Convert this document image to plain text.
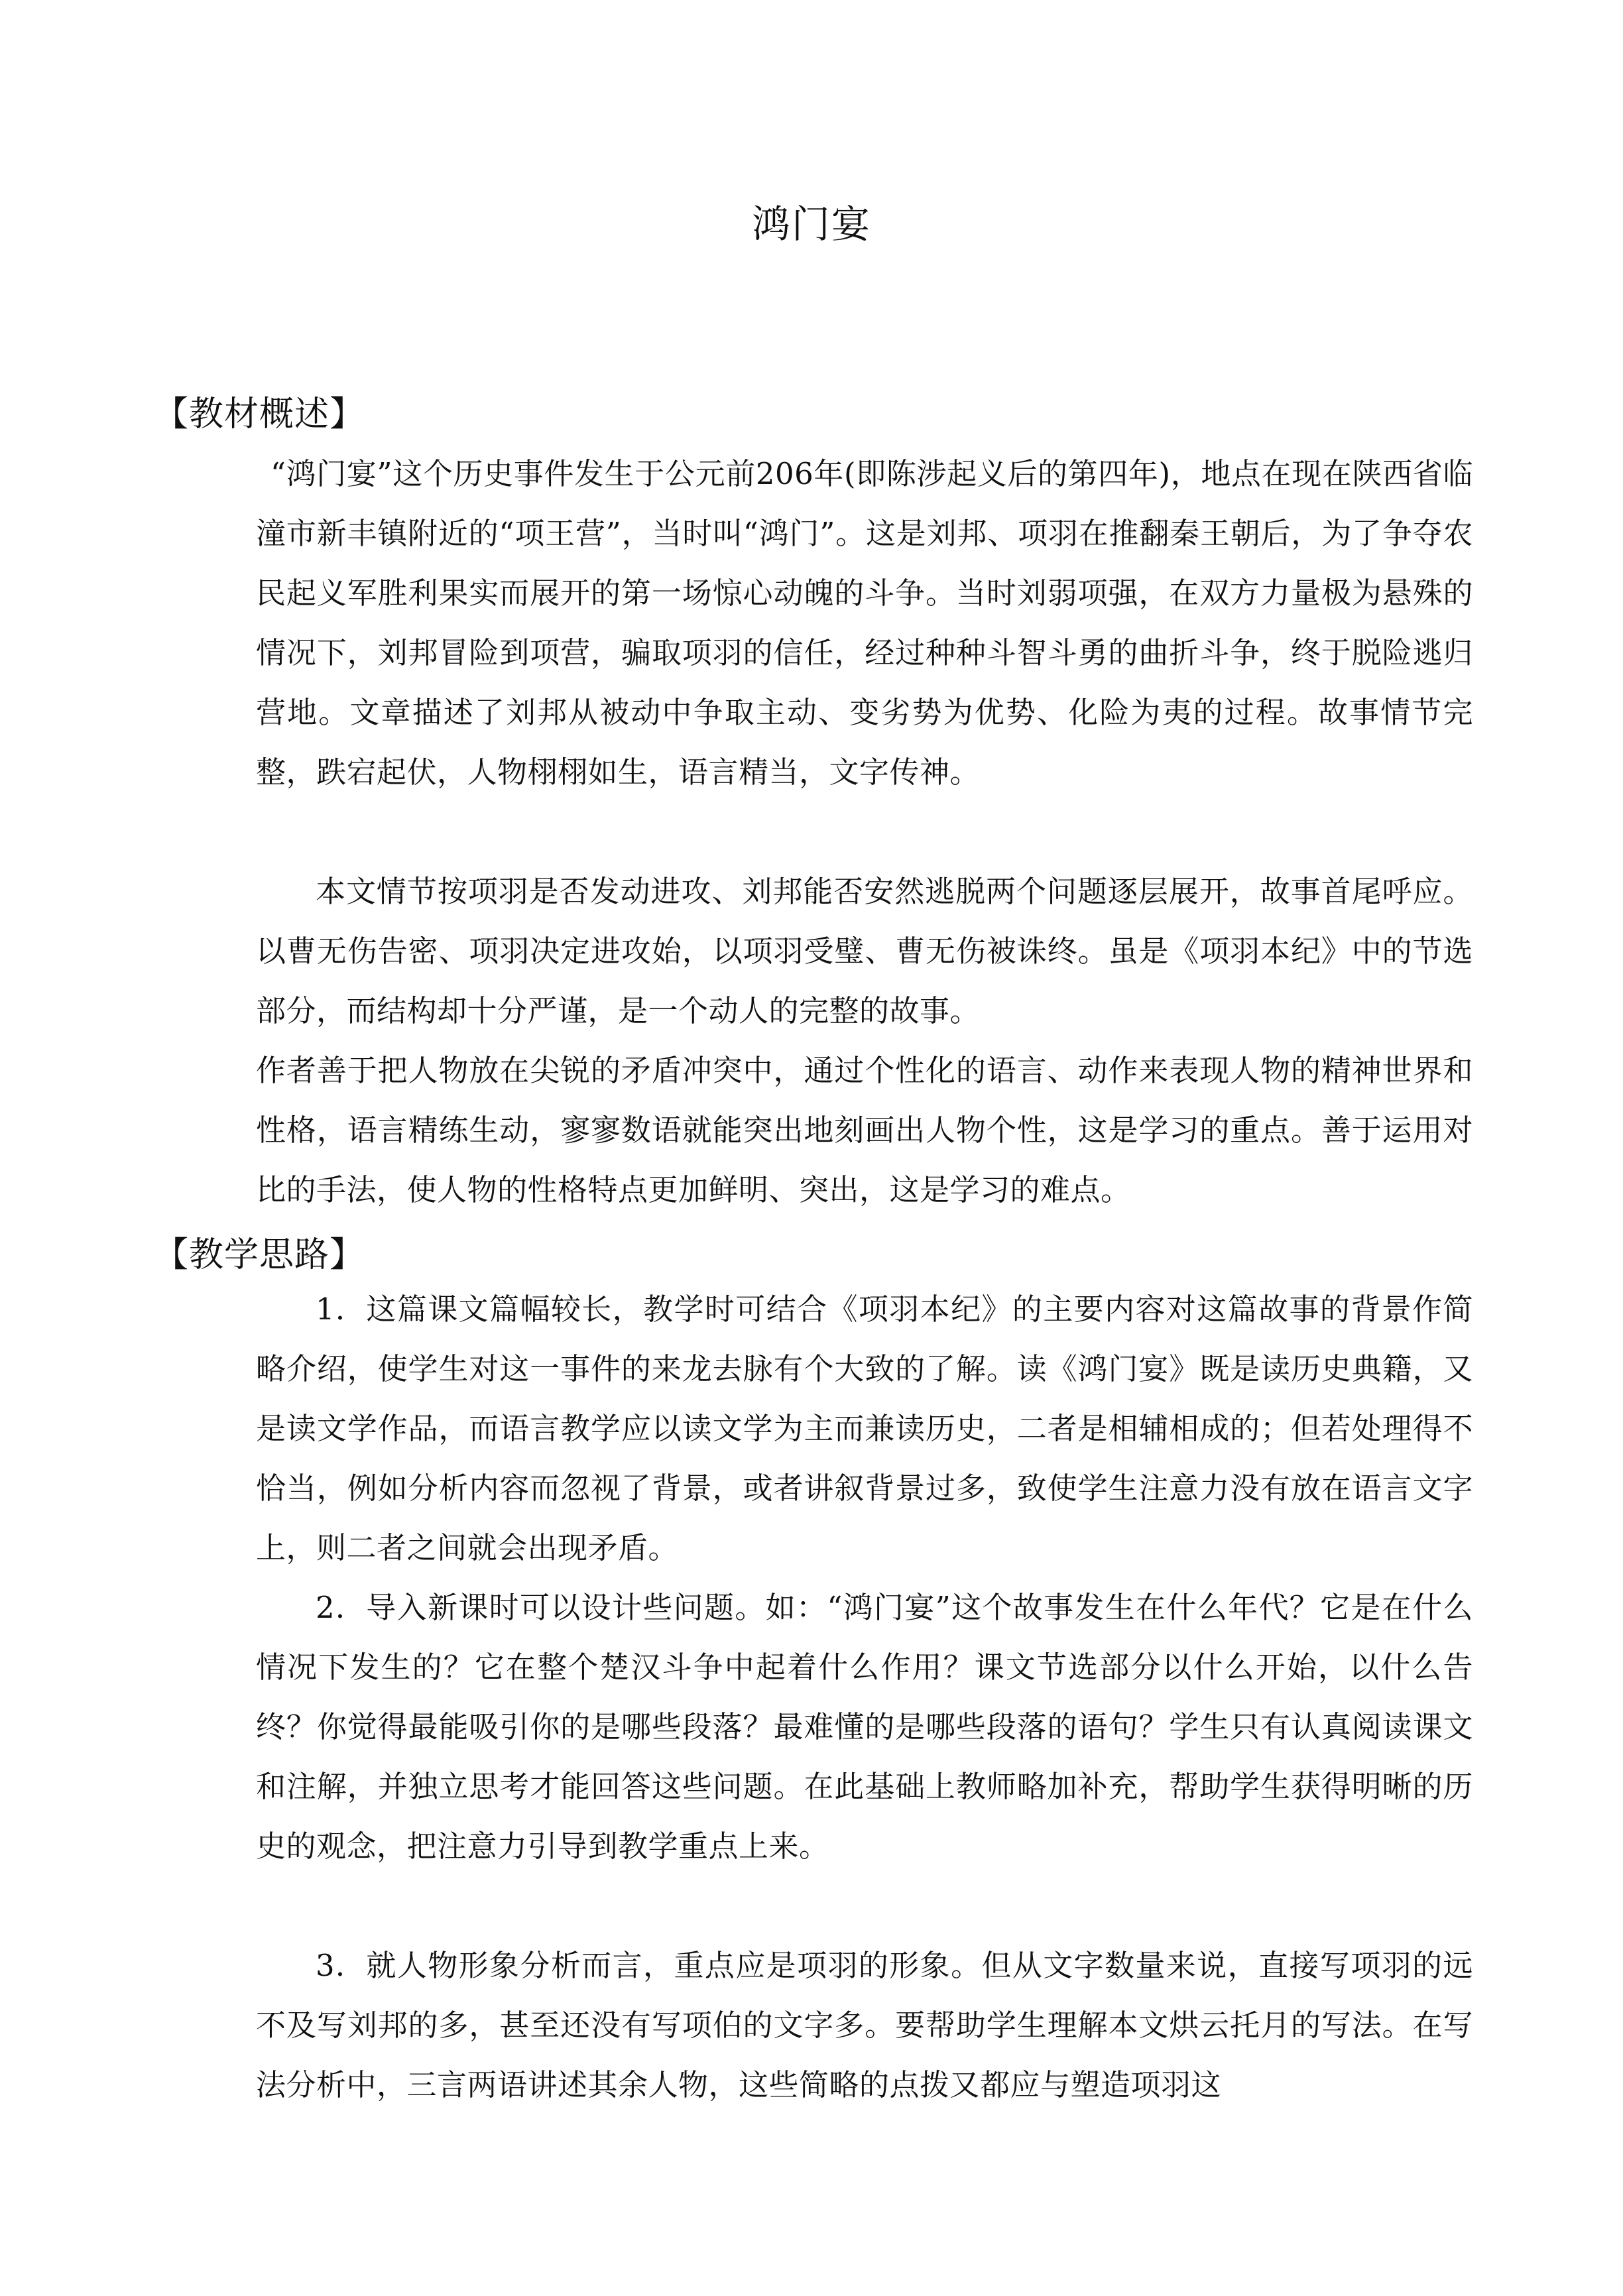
鸿门宴
【教材概述】

“鸿门宴”这个历史事件发生于公元前206年(即陈涉起义后的第四年)，地点在现在陕西省临潼市新丰镇附近的“项王营”，当时叫“鸿门”。这是刘邦、项羽在推翻秦王朝后，为了争夺农民起义军胜利果实而展开的第一场惊心动魄的斗争。当时刘弱项强，在双方力量极为悬殊的情况下，刘邦冒险到项营，骗取项羽的信任，经过种种斗智斗勇的曲折斗争，终于脱险逃归营地。文章描述了刘邦从被动中争取主动、变劣势为优势、化险为夷的过程。故事情节完整，跌宕起伏，人物栩栩如生，语言精当，文字传神。

本文情节按项羽是否发动进攻、刘邦能否安然逃脱两个问题逐层展开，故事首尾呼应。以曹无伤告密、项羽决定进攻始，以项羽受璧、曹无伤被诛终。虽是《项羽本纪》中的节选部分，而结构却十分严谨，是一个动人的完整的故事。

作者善于把人物放在尖锐的矛盾冲突中，通过个性化的语言、动作来表现人物的精神世界和性格，语言精练生动，寥寥数语就能突出地刻画出人物个性，这是学习的重点。善于运用对比的手法，使人物的性格特点更加鲜明、突出，这是学习的难点。

【教学思路】

1．这篇课文篇幅较长，教学时可结合《项羽本纪》的主要内容对这篇故事的背景作简略介绍，使学生对这一事件的来龙去脉有个大致的了解。读《鸿门宴》既是读历史典籍，又是读文学作品，而语言教学应以读文学为主而兼读历史，二者是相辅相成的；但若处理得不恰当，例如分析内容而忽视了背景，或者讲叙背景过多，致使学生注意力没有放在语言文字上，则二者之间就会出现矛盾。

2．导入新课时可以设计些问题。如：“鸿门宴”这个故事发生在什么年代？它是在什么情况下发生的？它在整个楚汉斗争中起着什么作用？课文节选部分以什么开始，以什么告终？你觉得最能吸引你的是哪些段落？最难懂的是哪些段落的语句？学生只有认真阅读课文和注解，并独立思考才能回答这些问题。在此基础上教师略加补充，帮助学生获得明晰的历史的观念，把注意力引导到教学重点上来。

3．就人物形象分析而言，重点应是项羽的形象。但从文字数量来说，直接写项羽的远不及写刘邦的多，甚至还没有写项伯的文字多。要帮助学生理解本文烘云托月的写法。在写法分析中，三言两语讲述其余人物，这些简略的点拨又都应与塑造项羽这
